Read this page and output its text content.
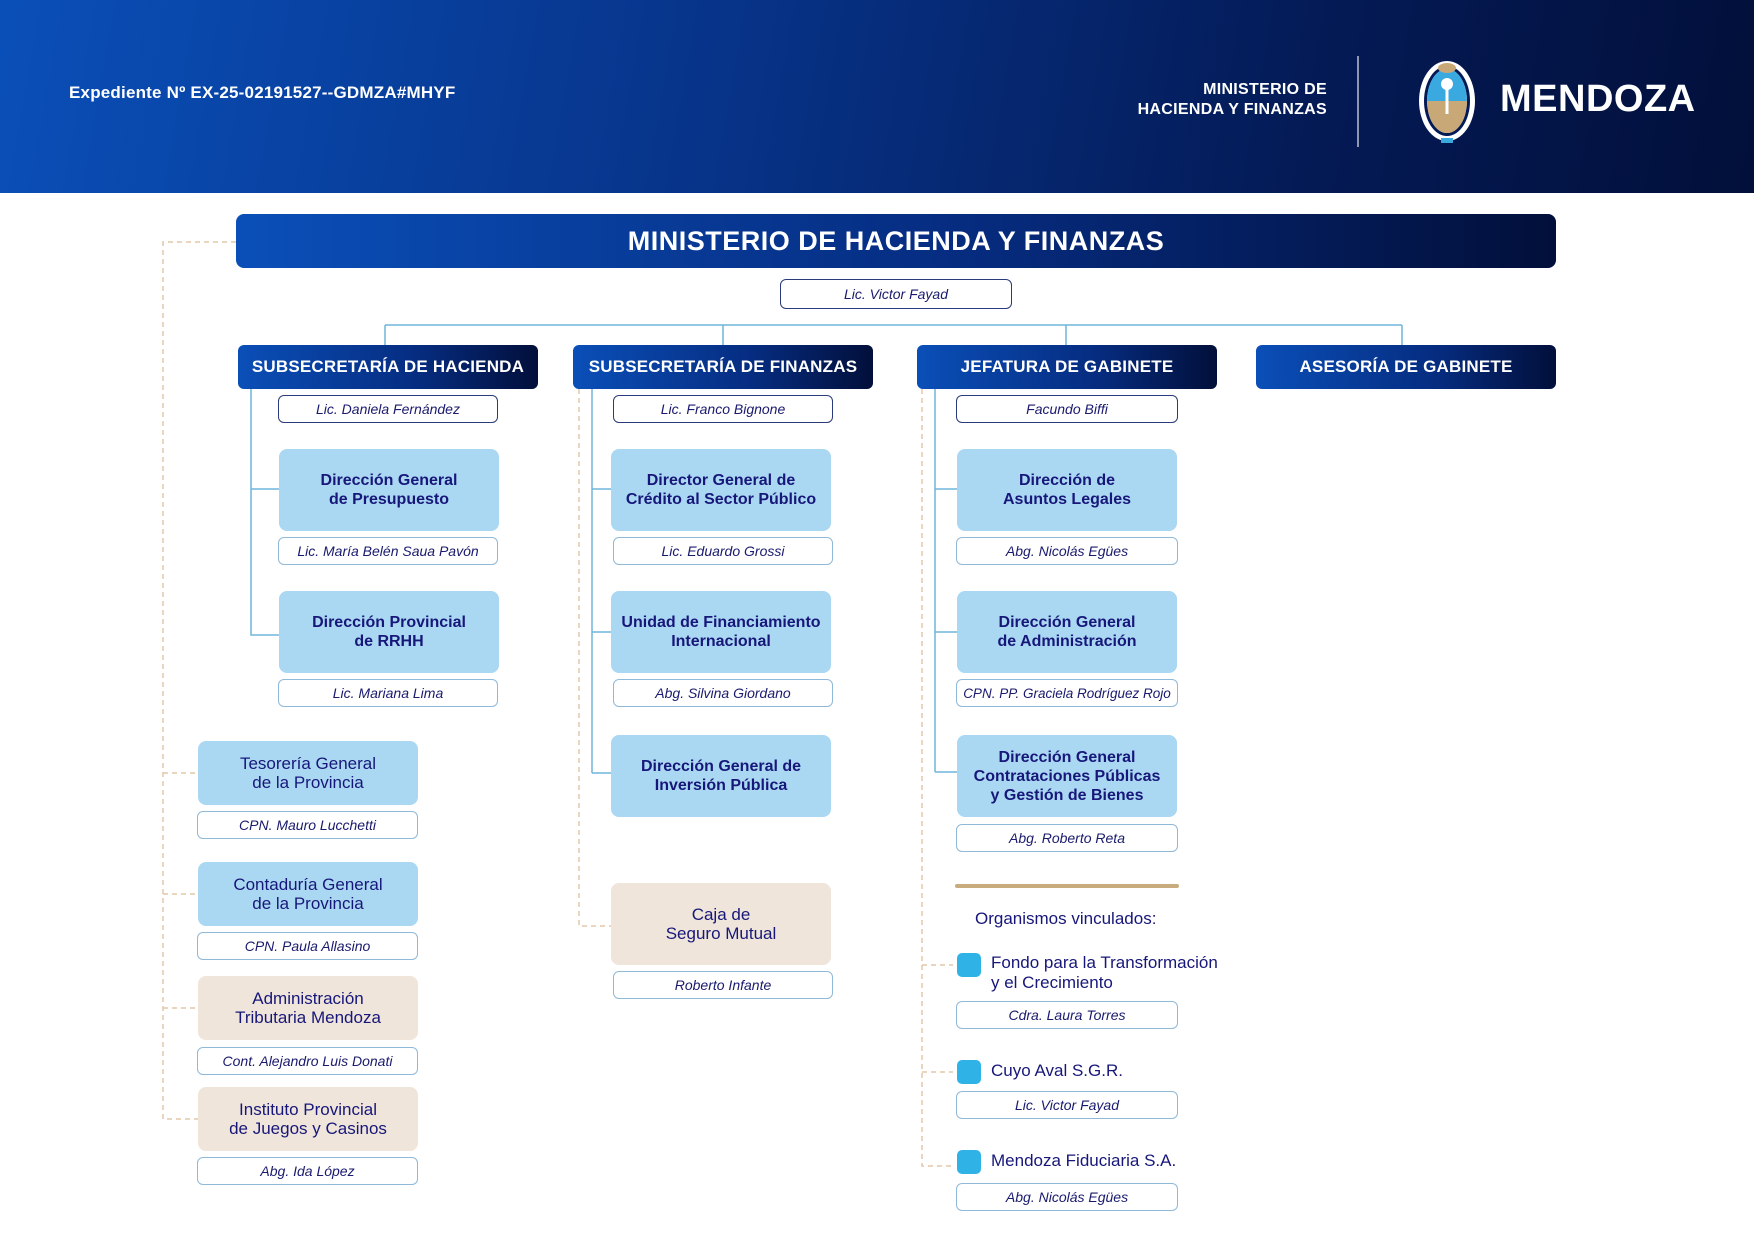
Expediente Nº EX-25-02191527--GDMZA#MHYF	MINISTERIO DE
HACIENDA Y FINANZAS	MENDOZA
MINISTERIO DE HACIENDA Y FINANZAS
Lic. Victor Fayad
SUBSECRETARÍA DE HACIENDA	SUBSECRETARÍA DE FINANZAS	JEFATURA DE GABINETE	ASESORÍA DE GABINETE
Lic. Daniela Fernández	Lic. Franco Bignone	Facundo Biffi
Dirección General
de Presupuesto
Lic. María Belén Saua Pavón
Dirección Provincial
de RRHH
Lic. Mariana Lima
Director General de
Crédito al Sector Público
Lic. Eduardo Grossi
Unidad de Financiamiento
Internacional
Abg. Silvina Giordano
Dirección General de
Inversión Pública
Caja de
Seguro Mutual
Roberto Infante
Dirección de
Asuntos Legales
Abg. Nicolás Egües
Dirección General
de Administración
CPN. PP. Graciela Rodríguez Rojo
Dirección General
Contrataciones Públicas
y Gestión de Bienes
Abg. Roberto Reta
Organismos vinculados:
Fondo para la Transformación
y el Crecimiento
Cdra. Laura Torres
Cuyo Aval S.G.R.
Lic. Victor Fayad
Mendoza Fiduciaria S.A.
Abg. Nicolás Egües
Tesorería General
de la Provincia
CPN. Mauro Lucchetti
Contaduría General
de la Provincia
CPN. Paula Allasino
Administración
Tributaria Mendoza
Cont. Alejandro Luis Donati
Instituto Provincial
de Juegos y Casinos
Abg. Ida López
